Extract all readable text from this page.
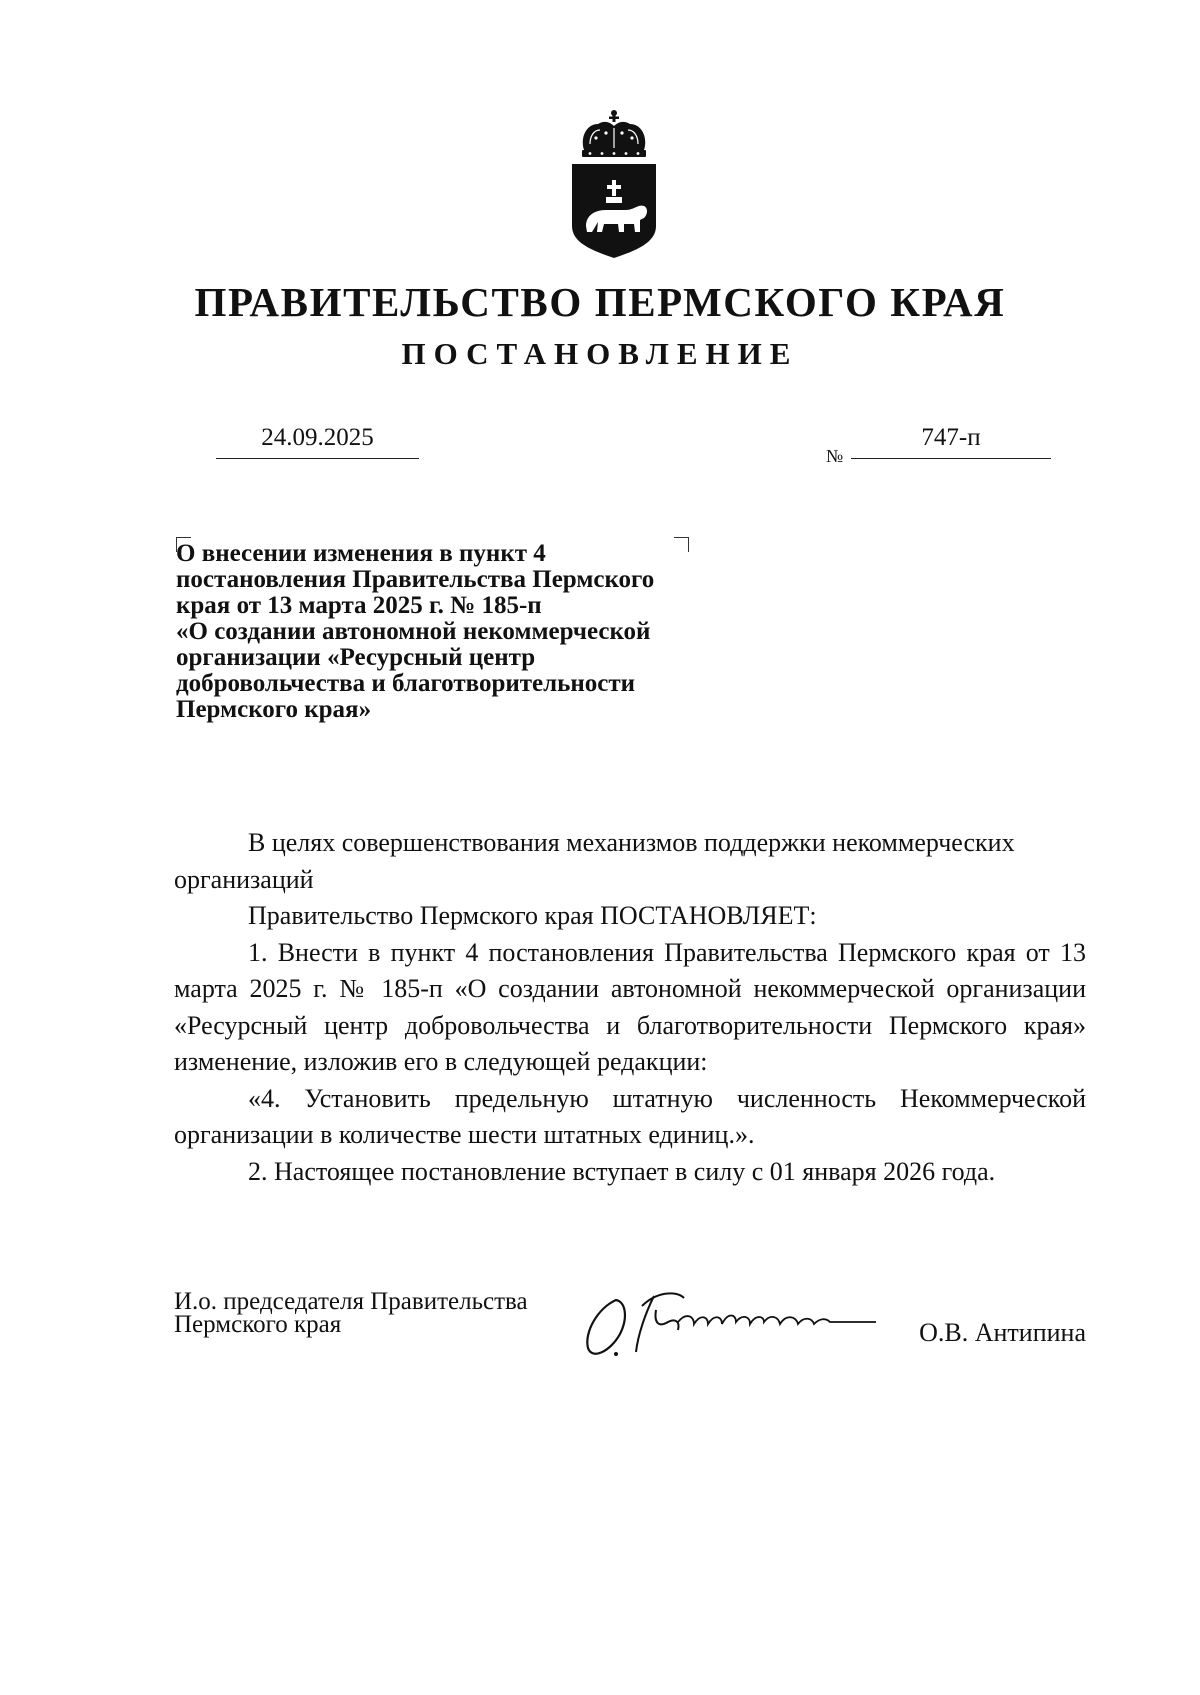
ПРАВИТЕЛЬСТВО ПЕРМСКОГО КРАЯ
ПОСТАНОВЛЕНИЕ
24.09.2025
№
747-п
О внесении изменения в пункт 4
постановления Правительства Пермского
края от 13 марта 2025 г. № 185-п
«О создании автономной некоммерческой
организации «Ресурсный центр
добровольчества и благотворительности
Пермского края»

В целях совершенствования механизмов поддержки некоммерческих

организаций

Правительство Пермского края ПОСТАНОВЛЯЕТ:

1. Внести в пункт 4 постановления Правительства Пермского края от 13 марта 2025 г. № 185-п «О создании автономной некоммерческой организации «Ресурсный центр добровольчества и благотворительности Пермского края» изменение, изложив его в следующей редакции:

«4. Установить предельную штатную численность Некоммерческой организации в количестве шести штатных единиц.».

2. Настоящее постановление вступает в силу с 01 января 2026 года.

И.о. председателя Правительства
Пермского края	О.В. Антипина
